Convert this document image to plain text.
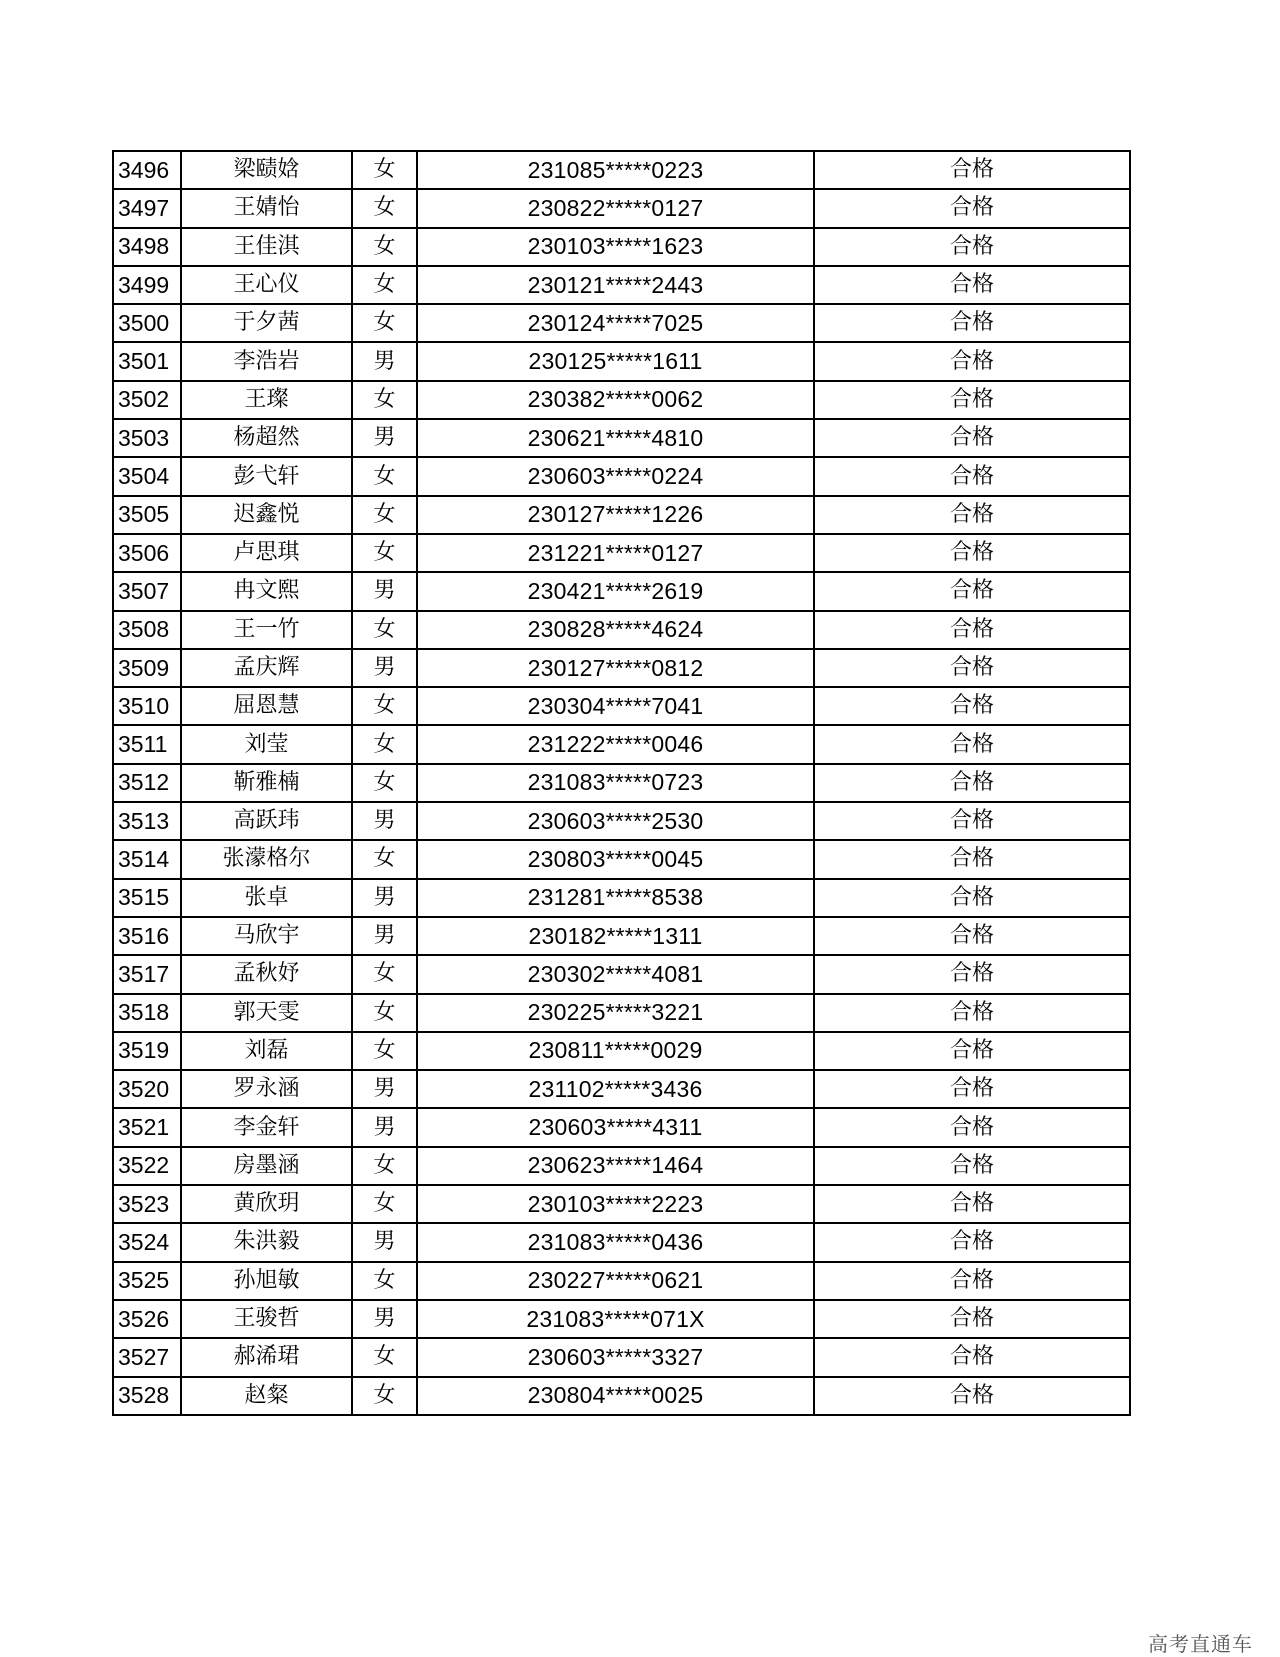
3496	梁赜娢	女	231085*****0223	合格
3497	王婧怡	女	230822*****0127	合格
3498	王佳淇	女	230103*****1623	合格
3499	王心仪	女	230121*****2443	合格
3500	于夕茜	女	230124*****7025	合格
3501	李浩岩	男	230125*****1611	合格
3502	王璨	女	230382*****0062	合格
3503	杨超然	男	230621*****4810	合格
3504	彭弋轩	女	230603*****0224	合格
3505	迟鑫悦	女	230127*****1226	合格
3506	卢思琪	女	231221*****0127	合格
3507	冉文熙	男	230421*****2619	合格
3508	王一竹	女	230828*****4624	合格
3509	孟庆辉	男	230127*****0812	合格
3510	屈恩慧	女	230304*****7041	合格
3511	刘莹	女	231222*****0046	合格
3512	靳雅楠	女	231083*****0723	合格
3513	高跃玮	男	230603*****2530	合格
3514	张濛格尔	女	230803*****0045	合格
3515	张卓	男	231281*****8538	合格
3516	马欣宇	男	230182*****1311	合格
3517	孟秋妤	女	230302*****4081	合格
3518	郭天雯	女	230225*****3221	合格
3519	刘磊	女	230811*****0029	合格
3520	罗永涵	男	231102*****3436	合格
3521	李金轩	男	230603*****4311	合格
3522	房墨涵	女	230623*****1464	合格
3523	黄欣玥	女	230103*****2223	合格
3524	朱洪毅	男	231083*****0436	合格
3525	孙旭敏	女	230227*****0621	合格
3526	王骏哲	男	231083*****071X	合格
3527	郝浠珺	女	230603*****3327	合格
3528	赵粲	女	230804*****0025	合格
高考直通车
